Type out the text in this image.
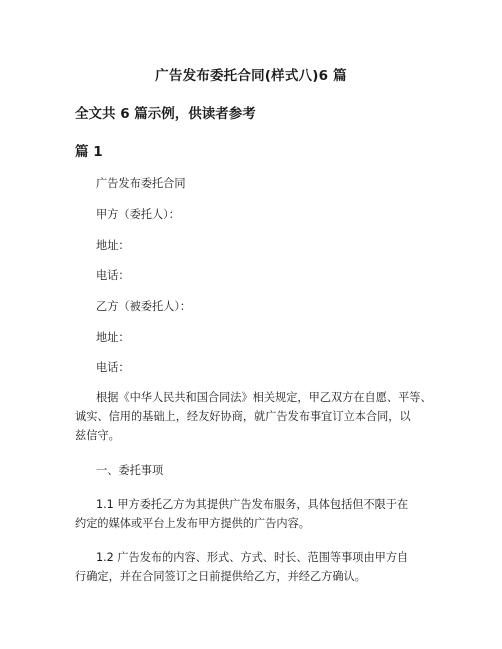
广告发布委托合同(样式八)6 篇
全文共 6 篇示例，供读者参考
篇 1
广告发布委托合同
甲方（委托人）：
地址：
电话：
乙方（被委托人）：
地址：
电话：
根据《中华人民共和国合同法》相关规定，甲乙双方在自愿、平等、
诚实、信用的基础上，经友好协商，就广告发布事宜订立本合同，以
兹信守。
一、委托事项
1.1 甲方委托乙方为其提供广告发布服务，具体包括但不限于在
约定的媒体或平台上发布甲方提供的广告内容。
1.2 广告发布的内容、形式、方式、时长、范围等事项由甲方自
行确定，并在合同签订之日前提供给乙方，并经乙方确认。
